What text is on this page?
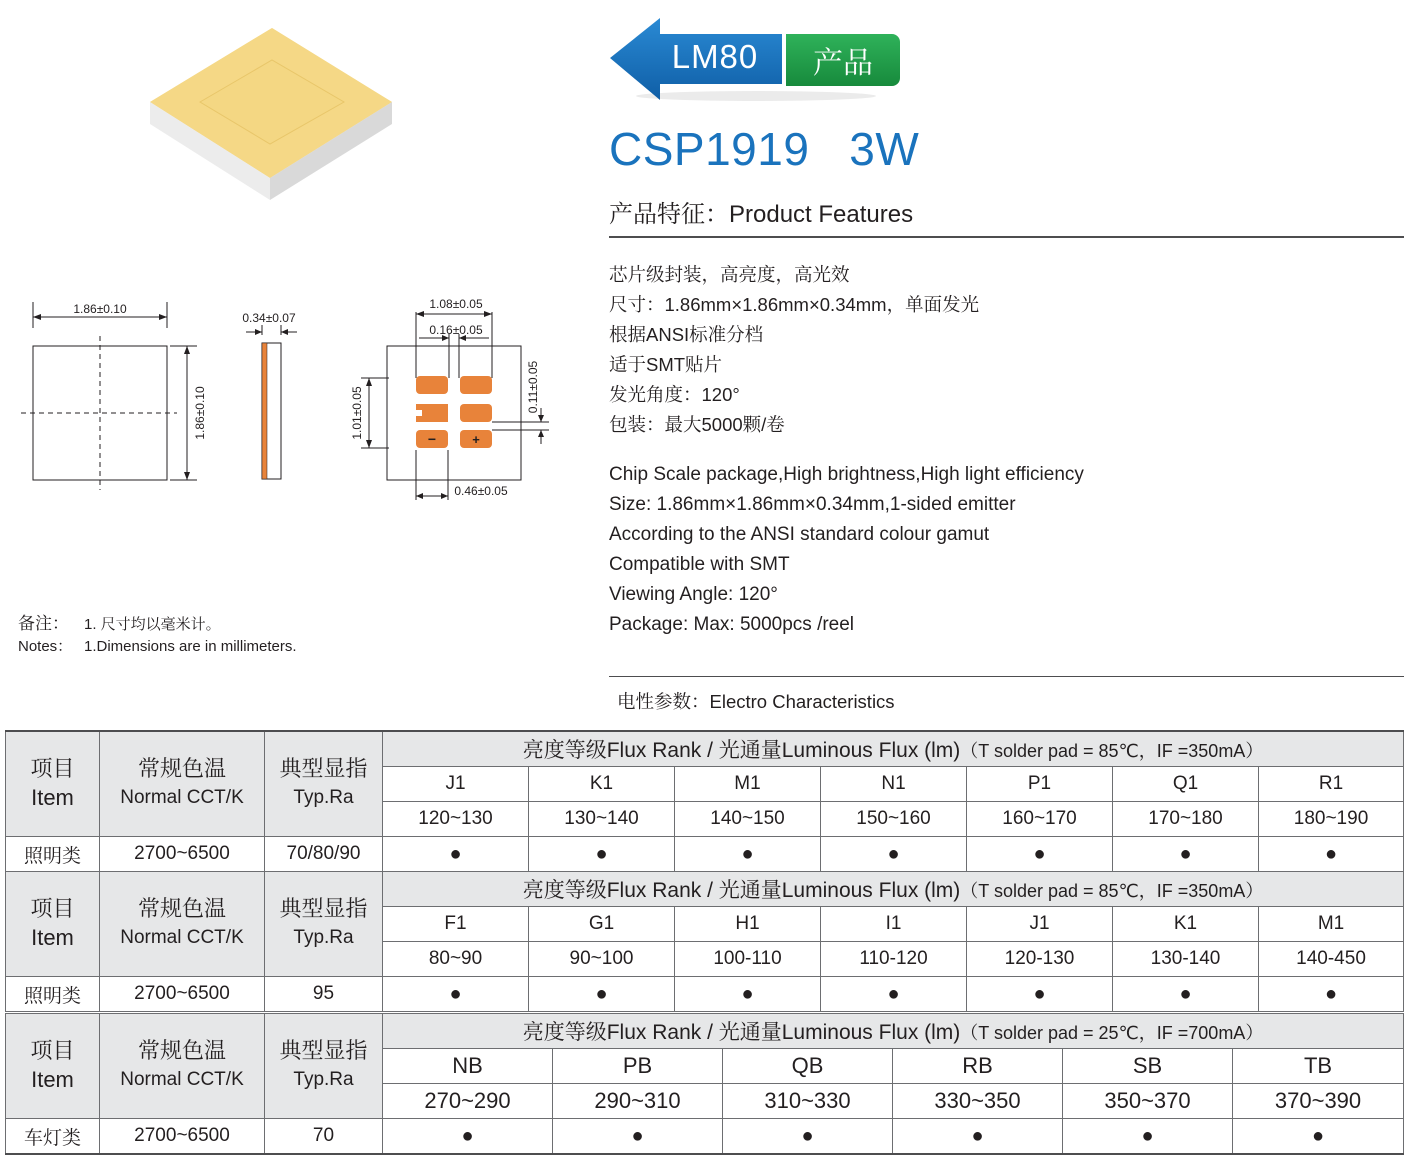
1.86±0.10
1.86±0.10
0.34±0.07
1.08±0.05
0.16±0.05
−	+
1.01±0.05	0.11±0.05
0.46±0.05
LM80	产品
CSP1919   3W
产品特征：Product Features
芯片级封装，高亮度，高光效
尺寸：1.86mm×1.86mm×0.34mm，单面发光
根据ANSI标准分档
适于SMT贴片
发光角度：120°
包装：最大5000颗/卷
Chip Scale package,High brightness,High light efficiency
Size: 1.86mm×1.86mm×0.34mm,1-sided emitter
According to the ANSI standard colour gamut
Compatible with SMT
Viewing Angle: 120°
Package: Max: 5000pcs /reel
备注： 1. 尺寸均以毫米计。
Notes： 1.Dimensions are in millimeters.
电性参数：Electro Characteristics
项目
Item	常规色温
Normal CCT/K	典型显指
Typ.Ra	亮度等级Flux Rank / 光通量Luminous Flux (lm)（T solder pad = 85℃，IF =350mA）						
			J1	K1	M1	N1	P1	Q1	R1
			120~130	130~140	140~150	150~160	160~170	170~180	180~190
照明类	2700~6500	70/80/90	●	●	●	●	●	●	●

项目
Item	常规色温
Normal CCT/K	典型显指
Typ.Ra	亮度等级Flux Rank / 光通量Luminous Flux (lm)（T solder pad = 85℃，IF =350mA）						
			F1	G1	H1	I1	J1	K1	M1
			80~90	90~100	100-110	110-120	120-130	130-140	140-450
照明类	2700~6500	95	●	●	●	●	●	●	●
项目
Item	常规色温
Normal CCT/K	典型显指
Typ.Ra	亮度等级Flux Rank / 光通量Luminous Flux (lm)（T solder pad = 25℃，IF =700mA）					
			NB	PB	QB	RB	SB	TB
			270~290	290~310	310~330	330~350	350~370	370~390
车灯类	2700~6500	70	●	●	●	●	●	●
